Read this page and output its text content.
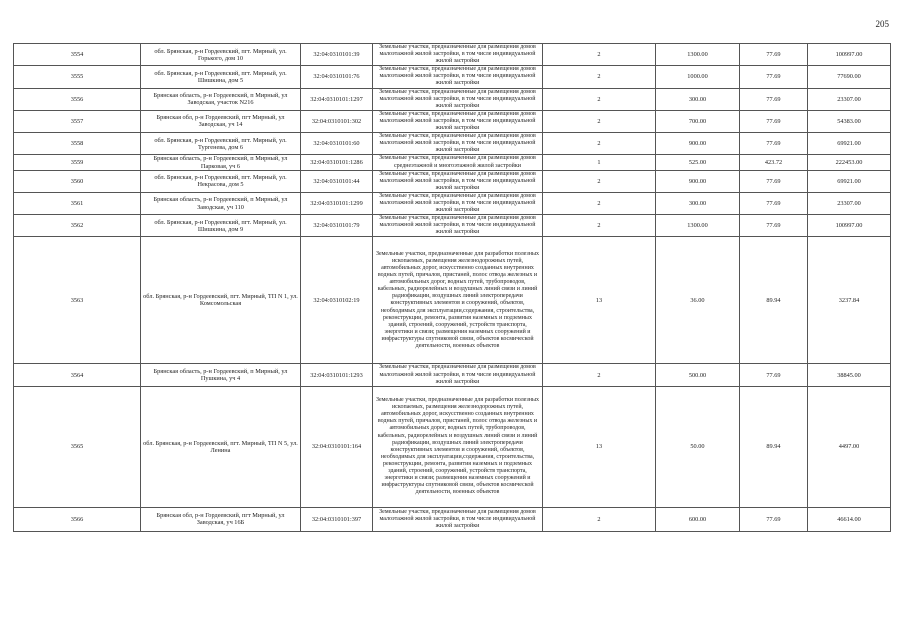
205
3554	обл. Брянская, р-н Гордеевский, пгт. Мирный, ул. Горького, дом 10	32:04:0310101:39	Земельные участки, предназначенные для размещения домов малоэтажной жилой застройки, в том числе индивидуальной жилой застройки	2	1300.00	77.69	100997.00
3555	обл. Брянская, р-н Гордеевский, пгт. Мирный, ул. Шишкина, дом 5	32:04:0310101:76	Земельные участки, предназначенные для размещения домов малоэтажной жилой застройки, в том числе индивидуальной жилой застройки	2	1000.00	77.69	77690.00
3556	Брянская область, р-н Гордеевский, п Мирный, ул Заводская, участок N216	32:04:0310101:1297	Земельные участки, предназначенные для размещения домов малоэтажной жилой застройки, в том числе индивидуальной жилой застройки	2	300.00	77.69	23307.00
3557	Брянская обл, р-н Гордеевский, пгт Мирный, ул Заводская, уч 14	32:04:0310101:302	Земельные участки, предназначенные для размещения домов малоэтажной жилой застройки, в том числе индивидуальной жилой застройки	2	700.00	77.69	54383.00
3558	обл. Брянская, р-н Гордеевский, пгт. Мирный, ул. Тургенева, дом 6	32:04:0310101:60	Земельные участки, предназначенные для размещения домов малоэтажной жилой застройки, в том числе индивидуальной жилой застройки	2	900.00	77.69	69921.00
3559	Брянская область, р-н Гордеевский, п Мирный, ул Парковая, уч 6	32:04:0310101:1286	Земельные участки, предназначенные для размещения домов среднеэтажной и многоэтажной жилой застройки	1	525.00	423.72	222453.00
3560	обл. Брянская, р-н Гордеевский, пгт. Мирный, ул. Некрасова, дом 5	32:04:0310101:44	Земельные участки, предназначенные для размещения домов малоэтажной жилой застройки, в том числе индивидуальной жилой застройки	2	900.00	77.69	69921.00
3561	Брянская область, р-н Гордеевский, п Мирный, ул Заводская, уч 110	32:04:0310101:1299	Земельные участки, предназначенные для размещения домов малоэтажной жилой застройки, в том числе индивидуальной жилой застройки	2	300.00	77.69	23307.00
3562	обл. Брянская, р-н Гордеевский, пгт. Мирный, ул. Шишкина, дом 9	32:04:0310101:79	Земельные участки, предназначенные для размещения домов малоэтажной жилой застройки, в том числе индивидуальной жилой застройки	2	1300.00	77.69	100997.00
3563	обл. Брянская, р-н Гордеевский, пгт. Мирный, ТП N 1, ул. Комсомольская	32:04:0310102:19	Земельные участки, предназначенные для разработки полезных ископаемых, размещения железнодорожных путей, автомобильных дорог, искусственно созданных внутренних водных путей, причалов, пристаней, полос отвода железных и автомобильных дорог, водных путей, трубопроводов, кабельных, радиорелейных и воздушных линий связи и линий радиофикации, воздушных линий электропередачи конструктивных элементов и сооружений, объектов, необходимых для эксплуатации,содержания, строительства, реконструкции, ремонта, развития наземных и подземных зданий, строений, сооружений, устройств транспорта, энергетики и связи; размещения наземных сооружений и инфраструктуры спутниковой связи, объектов космической деятельности, военных объектов	13	36.00	89.94	3237.84
3564	Брянская область, р-н Гордеевский, п Мирный, ул Пушкина, уч 4	32:04:0310101:1293	Земельные участки, предназначенные для размещения домов малоэтажной жилой застройки, в том числе индивидуальной жилой застройки	2	500.00	77.69	38845.00
3565	обл. Брянская, р-н Гордеевский, пгт. Мирный, ТП N 5, ул. Ленина	32:04:0310101:164	Земельные участки, предназначенные для разработки полезных ископаемых, размещения железнодорожных путей, автомобильных дорог, искусственно созданных внутренних водных путей, причалов, пристаней, полос отвода железных и автомобильных дорог, водных путей, трубопроводов, кабельных, радиорелейных и воздушных линий связи и линий радиофикации, воздушных линий электропередачи конструктивных элементов и сооружений, объектов, необходимых для эксплуатации,содержания, строительства, реконструкции, ремонта, развития наземных и подземных зданий, строений, сооружений, устройств транспорта, энергетики и связи; размещения наземных сооружений и инфраструктуры спутниковой связи, объектов космической деятельности, военных объектов	13	50.00	89.94	4497.00
3566	Брянская обл, р-н Гордеевский, пгт Мирный, ул Заводская, уч 16Б	32:04:0310101:397	Земельные участки, предназначенные для размещения домов малоэтажной жилой застройки, в том числе индивидуальной жилой застройки	2	600.00	77.69	46614.00
